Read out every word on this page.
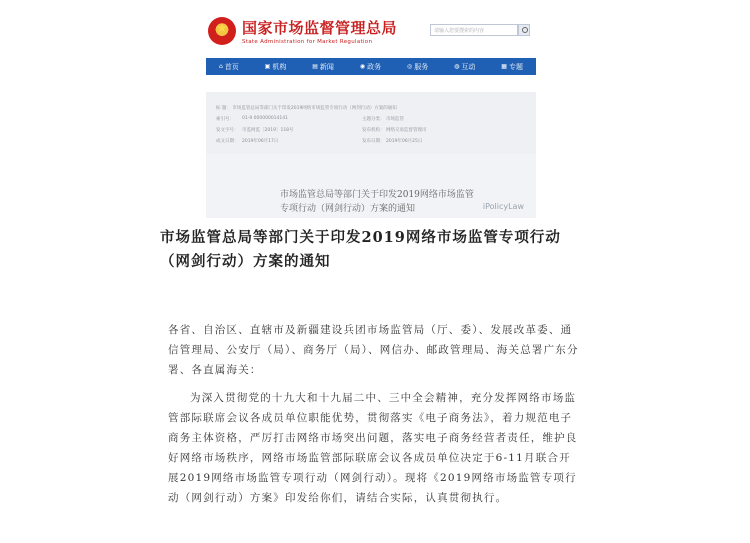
★
国家市场监督管理总局
State Administration for Market Regulation
请输入您要搜索的内容
⌂ 首页	▣ 机构	▤ 新闻	◉ 政务	◎ 服务	◍ 互动	▦ 专题
标 题： 市场监管总局等部门关于印发2019网络市场监管专项行动（网剑行动）方案的通知
索引号：	01-9 000000014141	主题分类： 市场监管
发文字号： 市监网监〔2019〕118号	发布机构： 网络交易监督管理司
成文日期： 2019年06月17日	发布日期： 2019年06月25日
市场监管总局等部门关于印发2019网络市场监管专项行动（网剑行动）方案的通知	iPolicyLaw
市场监管总局等部门关于印发2019网络市场监管专项行动（网剑行动）方案的通知

各省、自治区、直辖市及新疆建设兵团市场监管局（厅、委）、发展改革委、通信管理局、公安厅（局）、商务厅（局）、网信办、邮政管理局、海关总署广东分署、各直属海关：

为深入贯彻党的十九大和十九届二中、三中全会精神，充分发挥网络市场监管部际联席会议各成员单位职能优势，贯彻落实《电子商务法》，着力规范电子商务主体资格，严厉打击网络市场突出问题，落实电子商务经营者责任，维护良好网络市场秩序，网络市场监管部际联席会议各成员单位决定于6-11月联合开展2019网络市场监管专项行动（网剑行动）。现将《2019网络市场监管专项行动（网剑行动）方案》印发给你们，请结合实际，认真贯彻执行。
